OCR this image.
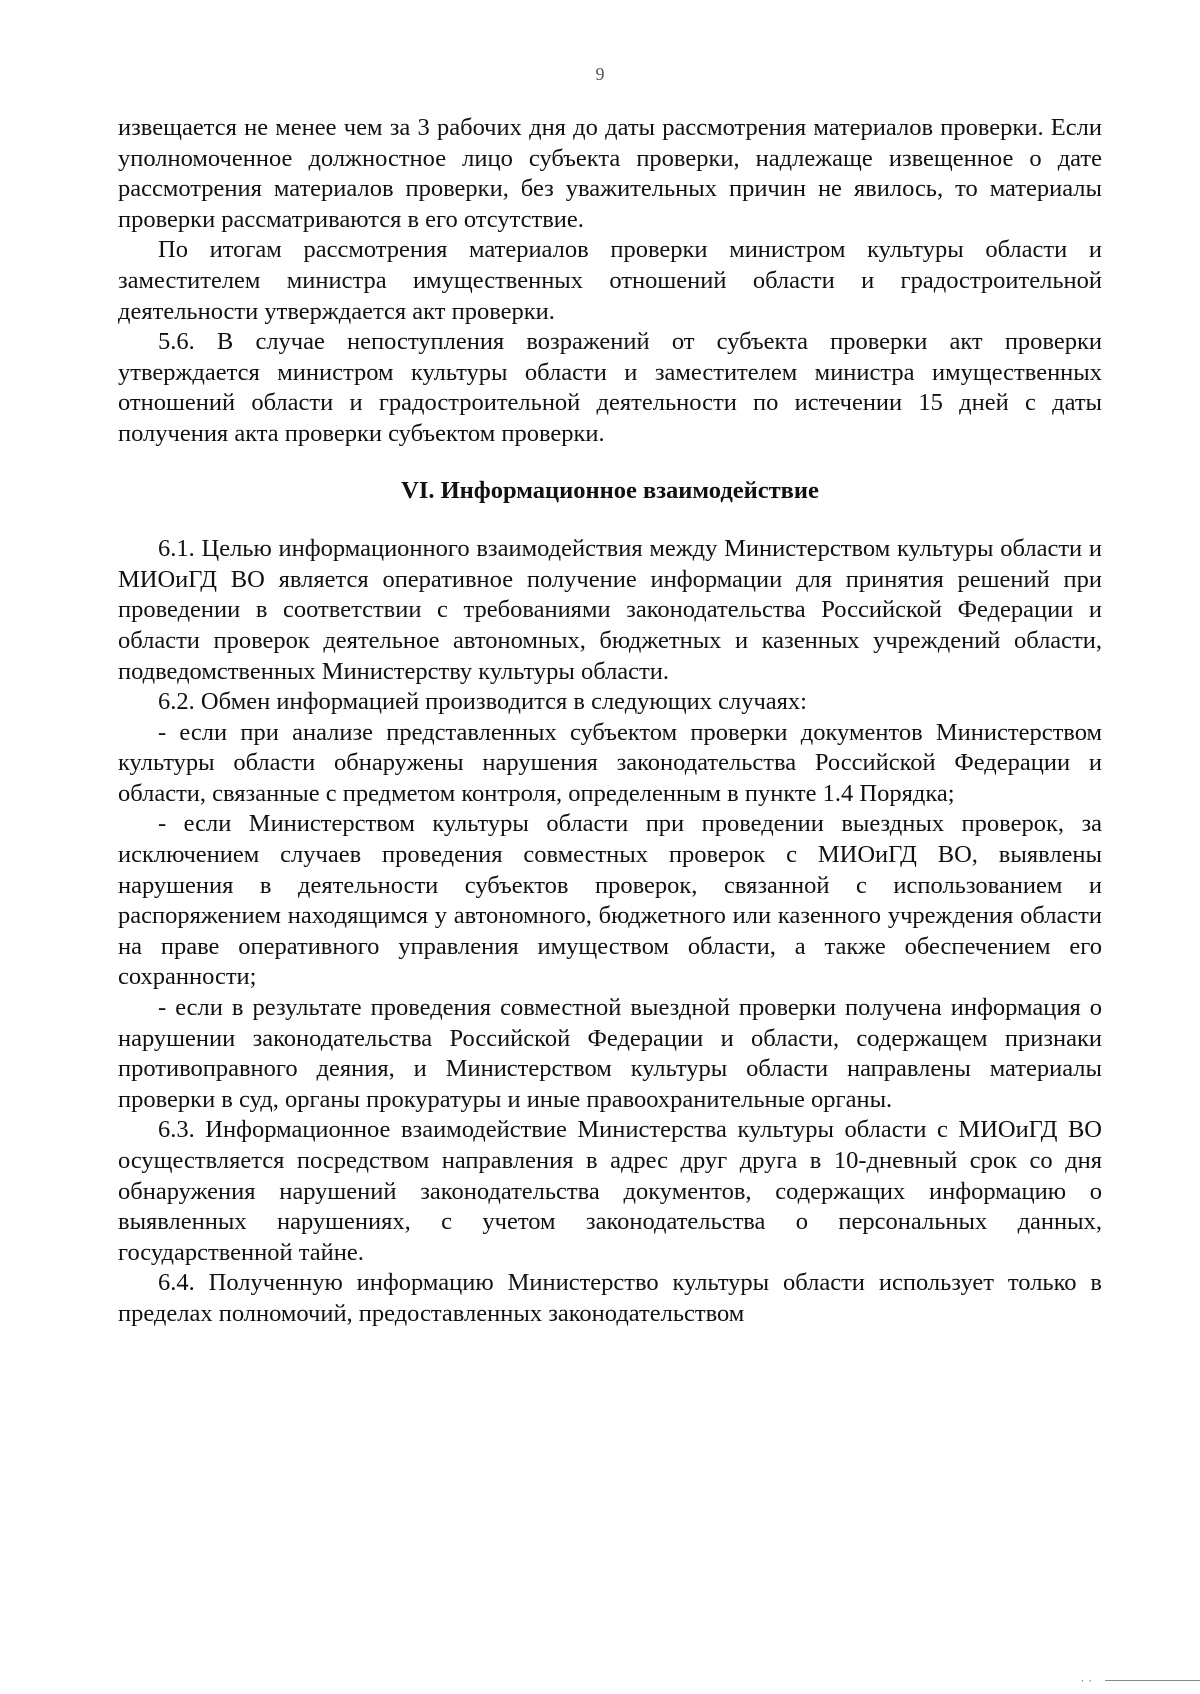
9

извещается не менее чем за 3 рабочих дня до даты рассмотрения материалов проверки. Если уполномоченное должностное лицо субъекта проверки, надлежаще извещенное о дате рассмотрения материалов проверки, без уважительных причин не явилось, то материалы проверки рассматриваются в его отсутствие.

По итогам рассмотрения материалов проверки министром культуры области и заместителем министра имущественных отношений области и градостроительной деятельности утверждается акт проверки.

5.6. В случае непоступления возражений от субъекта проверки акт проверки утверждается министром культуры области и заместителем министра имущественных отношений области и градостроительной деятельности по истечении 15 дней с даты получения акта проверки субъектом проверки.

VI. Информационное взаимодействие

6.1. Целью информационного взаимодействия между Министерством культуры области и МИОиГД ВО является оперативное получение информации для принятия решений при проведении в соответствии с требованиями законодательства Российской Федерации и области проверок деятельное автономных, бюджетных и казенных учреждений области, подведомственных Министерству культуры области.

6.2. Обмен информацией производится в следующих случаях:

- если при анализе представленных субъектом проверки документов Министерством культуры области обнаружены нарушения законодательства Российской Федерации и области, связанные с предметом контроля, определенным в пункте 1.4 Порядка;

- если Министерством культуры области при проведении выездных проверок, за исключением случаев проведения совместных проверок с МИОиГД ВО, выявлены нарушения в деятельности субъектов проверок, связанной с использованием и распоряжением находящимся у автономного, бюджетного или казенного учреждения области на праве оперативного управления имуществом области, а также обеспечением его сохранности;

- если в результате проведения совместной выездной проверки получена информация о нарушении законодательства Российской Федерации и области, содержащем признаки противоправного деяния, и Министерством культуры области направлены материалы проверки в суд, органы прокуратуры и иные правоохранительные органы.

6.3. Информационное взаимодействие Министерства культуры области с МИОиГД ВО осуществляется посредством направления в адрес друг друга в 10-дневный срок со дня обнаружения нарушений законодательства документов, содержащих информацию о выявленных нарушениях, с учетом законодательства о персональных данных, государственной тайне.

6.4. Полученную информацию Министерство культуры области использует только в пределах полномочий, предоставленных законодательством

· ·
